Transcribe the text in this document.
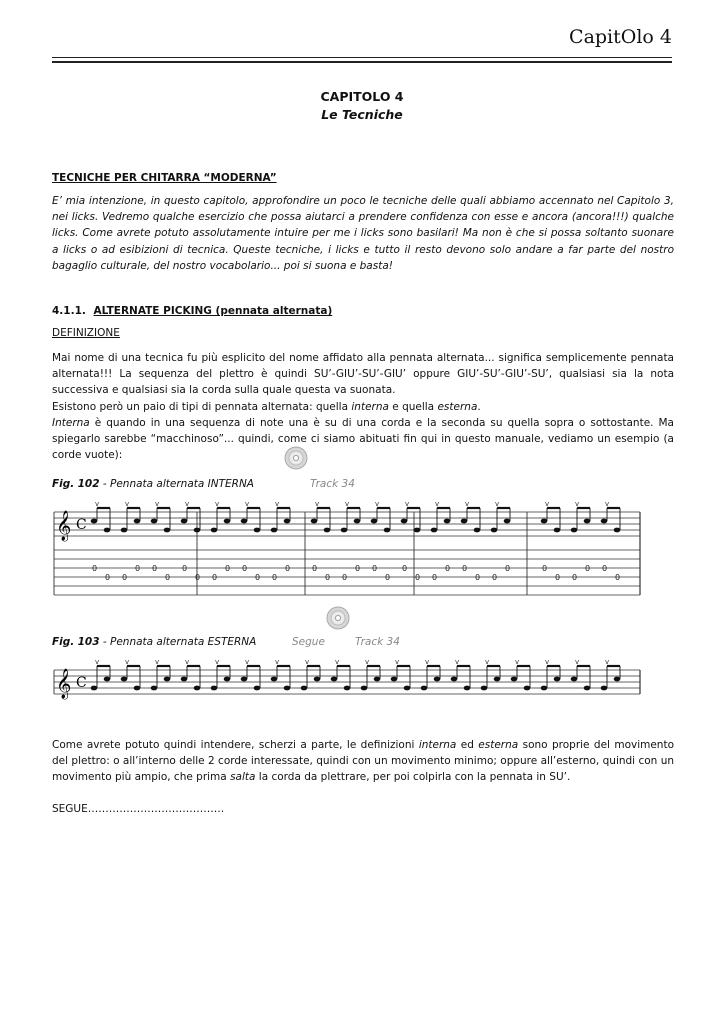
CapitOlo 4
CAPITOLO 4
Le Tecniche
TECNICHE PER CHITARRA “MODERNA”
E’ mia intenzione, in questo capitolo, approfondire un poco le tecniche delle quali abbiamo accennato nel Capitolo 3, nei licks. Vedremo qualche esercizio che possa aiutarci a prendere confidenza con esse e ancora (ancora!!!) qualche licks. Come avrete potuto assolutamente intuire per me i licks sono basilari! Ma non è che si possa soltanto suonare a licks o ad esibizioni di tecnica. Queste tecniche, i licks e tutto il resto devono solo andare a far parte del nostro bagaglio culturale, del nostro vocabolario... poi si suona e basta!
4.1.1. ALTERNATE PICKING (pennata alternata)
DEFINIZIONE
Mai nome di una tecnica fu più esplicito del nome affidato alla pennata alternata... significa semplicemente pennata alternata!!! La sequenza del plettro è quindi SU’-GIU’-SU’-GIU’ oppure GIU’-SU’-GIU’-SU’, qualsiasi sia la nota successiva e qualsiasi sia la corda sulla quale questa va suonata.
Esistono però un paio di tipi di pennata alternata: quella interna e quella esterna.
Interna è quando in una sequenza di note una è su di una corda e la seconda su quella sopra o sottostante. Ma spiegarlo sarebbe “macchinoso”... quindi, come ci siamo abituati fin qui in questo manuale, vediamo un esempio (a corde vuote):
Fig. 102 - Pennata alternata INTERNA	Track 34
𝄞 C
v
0
0
v
0
0
v
0
0
v
0
0
v
0
0
v
0
0
v
0
0
v
0
0
v
0
0
v
0
0
v
0
0
v
0
0
v
0
0
v
0
0
v
0
0
v
0
0
v
0
0
Fig. 103 - Pennata alternata ESTERNA	Segue	Track 34
𝄞 C
v	v	v	v	v	v	v	v	v	v	v	v	v	v	v	v	v	v
Come avrete potuto quindi intendere, scherzi a parte, le definizioni interna ed esterna sono proprie del movimento del plettro: o all’interno delle 2 corde interessate, quindi con un movimento minimo; oppure all’esterno, quindi con un movimento più ampio, che prima salta la corda da plettrare, per poi colpirla con la pennata in SU’.
SEGUE…………………………………
